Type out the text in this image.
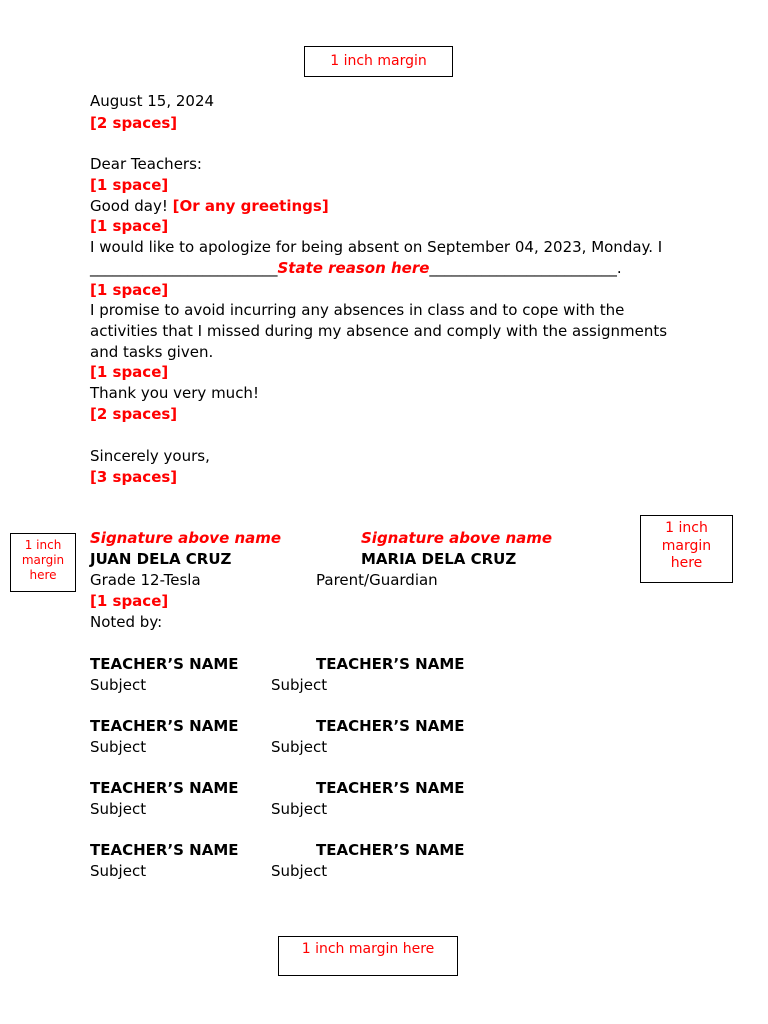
1 inch margin
1 inch margin here
1 inch margin here
1 inch margin here
August 15, 2024
[2 spaces]
Dear Teachers:
[1 space]
Good day! [Or any greetings]
[1 space]
I would like to apologize for being absent on September 04, 2023, Monday. I
_________________________State reason here_________________________.
[1 space]
I promise to avoid incurring any absences in class and to cope with the activities that I missed during my absence and comply with the assignments and tasks given.
[1 space]
Thank you very much!
[2 spaces]
Sincerely yours,
[3 spaces]
Signature above name	Signature above name
JUAN DELA CRUZ	MARIA DELA CRUZ
Grade 12-Tesla	Parent/Guardian
[1 space]
Noted by:
TEACHER’S NAME	TEACHER’S NAME
Subject	Subject
TEACHER’S NAME	TEACHER’S NAME
Subject	Subject
TEACHER’S NAME	TEACHER’S NAME
Subject	Subject
TEACHER’S NAME	TEACHER’S NAME
Subject	Subject
